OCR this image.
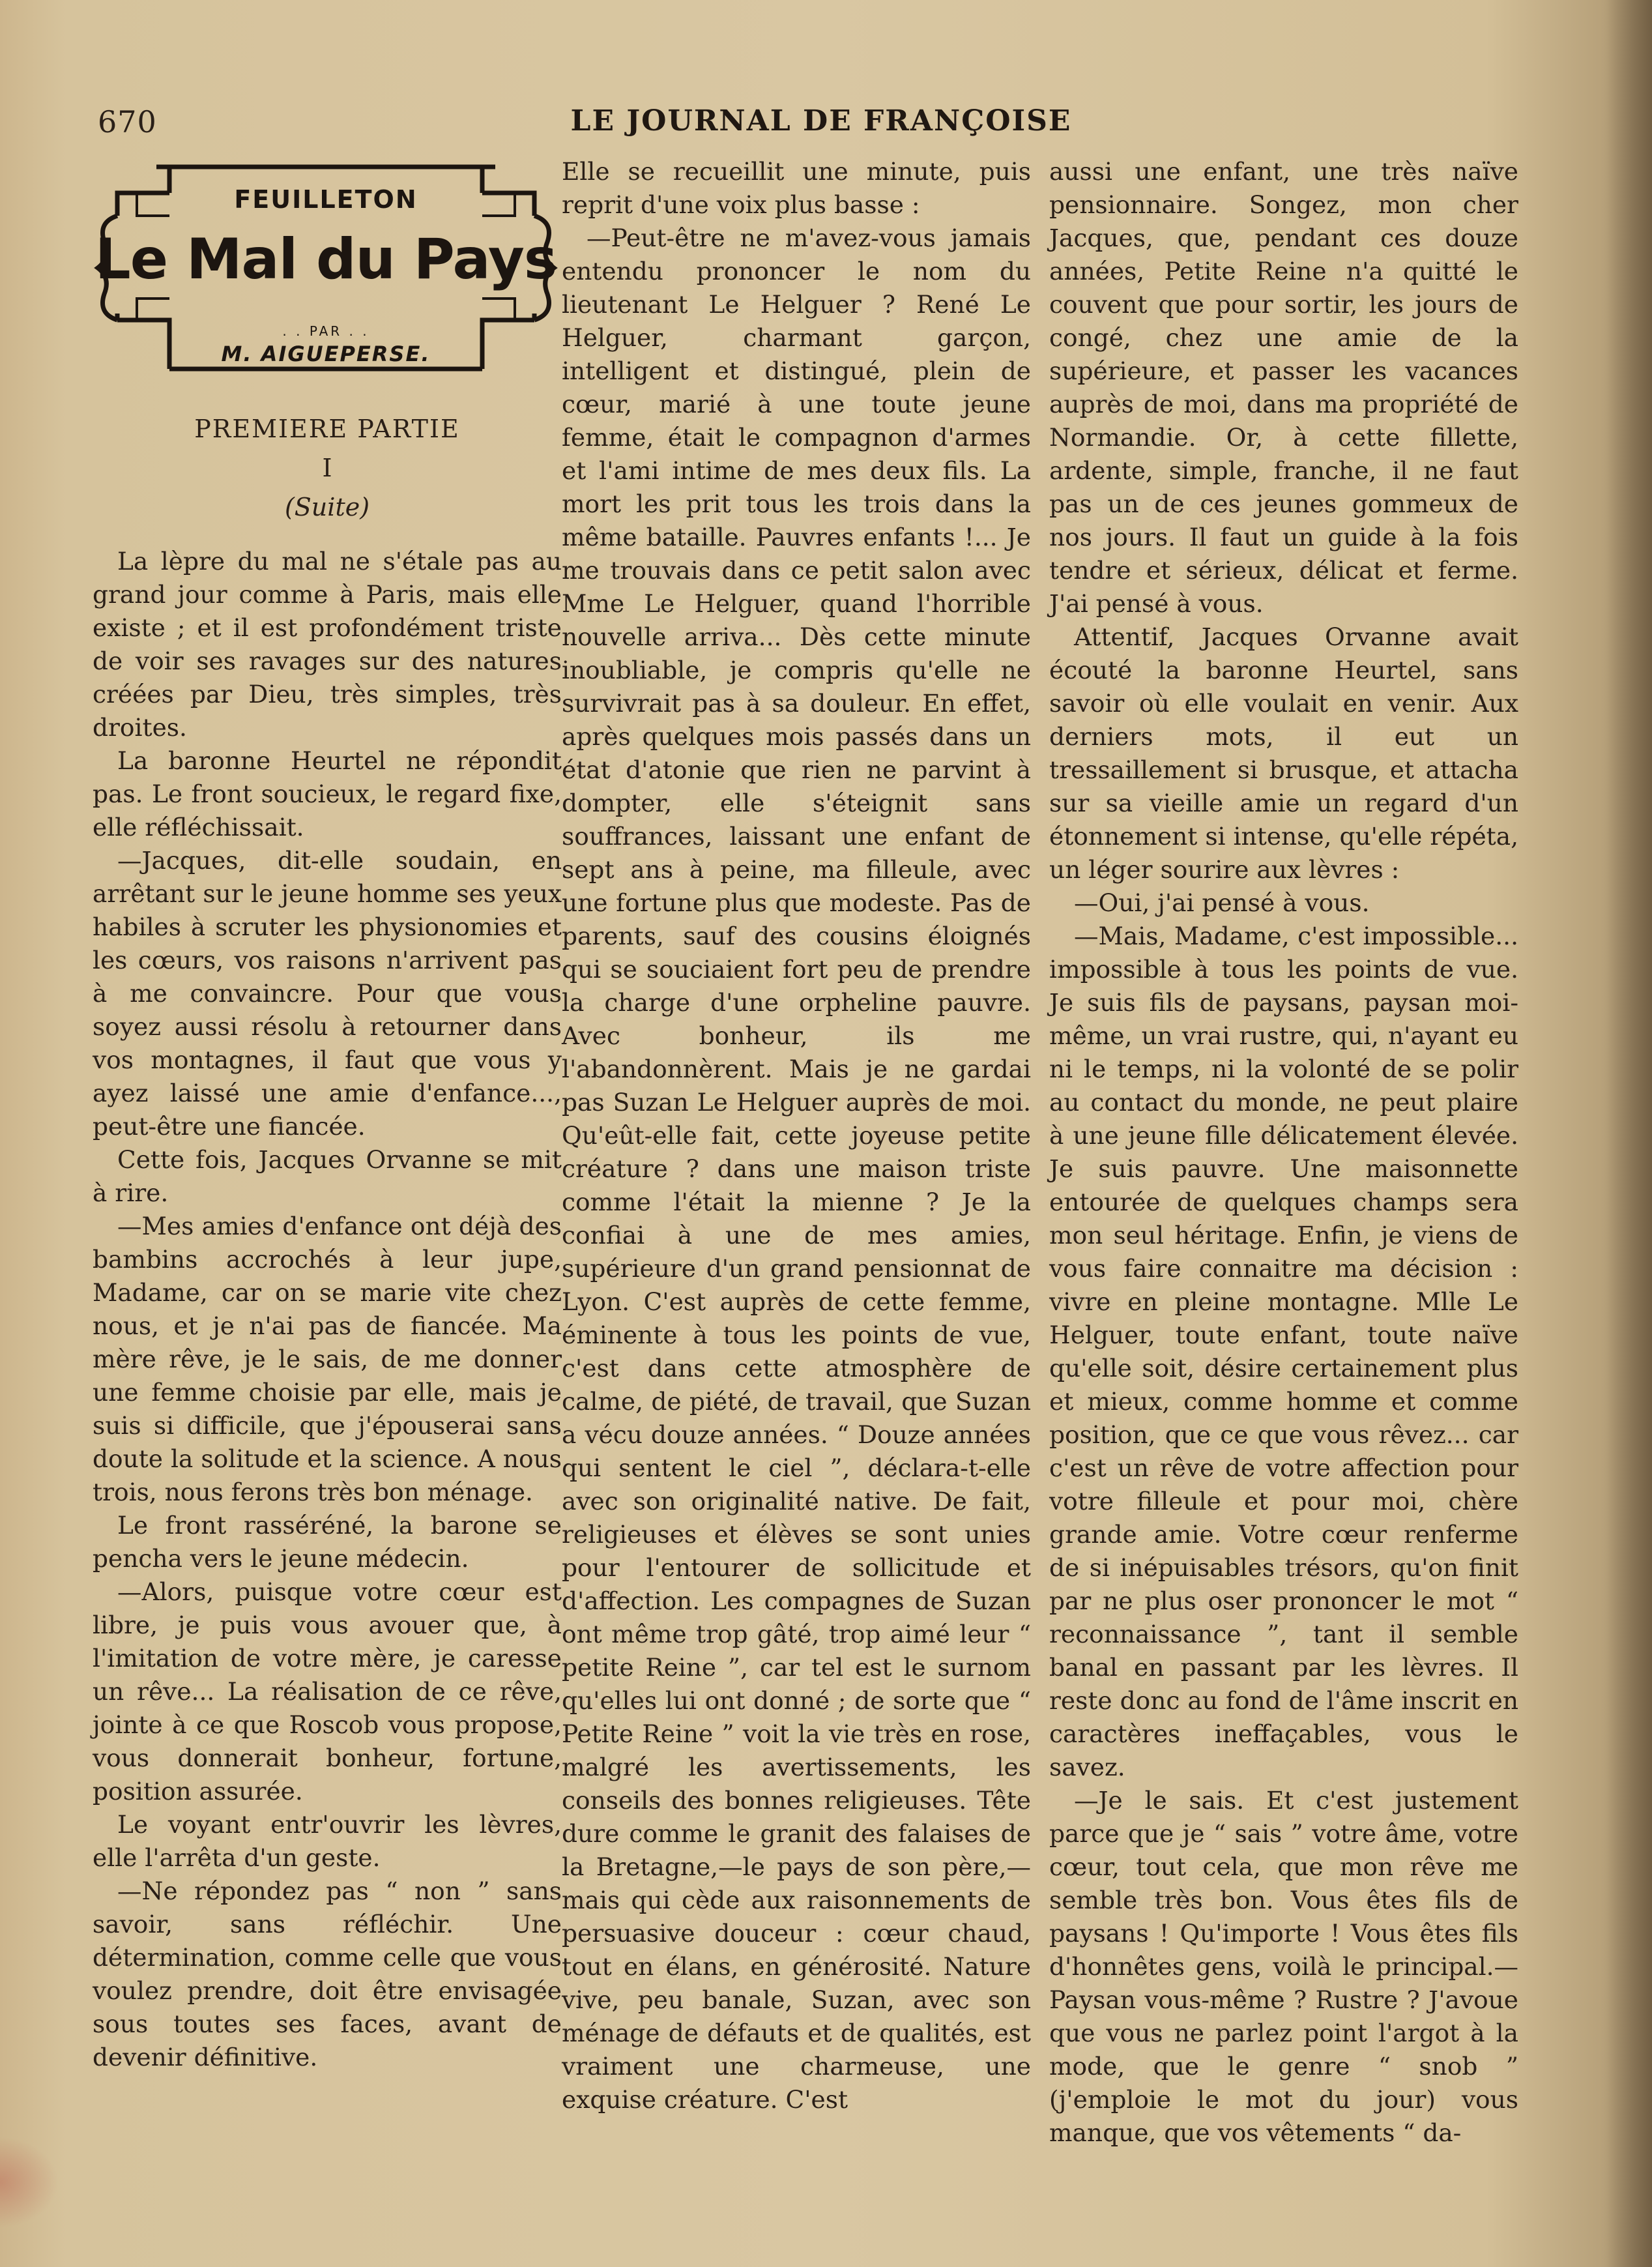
670	LE JOURNAL DE FRANÇOISE
FEUILLETON
Le Mal du Pays
. . PAR . .
M. AIGUEPERSE.
PREMIERE PARTIE
I
(Suite)

La lèpre du mal ne s'étale pas au grand jour comme à Paris, mais elle existe ; et il est profondément triste de voir ses ravages sur des natures créées par Dieu, très simples, très droites.

La baronne Heurtel ne répondit pas. Le front soucieux, le regard fixe, elle réfléchissait.

—Jacques, dit-elle soudain, en arrêtant sur le jeune homme ses yeux habiles à scruter les physionomies et les cœurs, vos raisons n'arrivent pas à me convaincre. Pour que vous soyez aussi résolu à retourner dans vos montagnes, il faut que vous y ayez laissé une amie d'enfance..., peut-être une fiancée.

Cette fois, Jacques Orvanne se mit à rire.

—Mes amies d'enfance ont déjà des bambins accrochés à leur jupe, Madame, car on se marie vite chez nous, et je n'ai pas de fiancée. Ma mère rêve, je le sais, de me donner une femme choisie par elle, mais je suis si difficile, que j'épouserai sans doute la solitude et la science. A nous trois, nous ferons très bon ménage.

Le front rasséréné, la barone se pencha vers le jeune médecin.

—Alors, puisque votre cœur est libre, je puis vous avouer que, à l'imitation de votre mère, je caresse un rêve... La réalisation de ce rêve, jointe à ce que Roscob vous propose, vous donnerait bonheur, fortune, position assurée.

Le voyant entr'ouvrir les lèvres, elle l'arrêta d'un geste.

—Ne répondez pas “ non ” sans savoir, sans réfléchir. Une détermination, comme celle que vous voulez prendre, doit être envisagée sous toutes ses faces, avant de devenir définitive.

Elle se recueillit une minute, puis reprit d'une voix plus basse :

—Peut-être ne m'avez-vous jamais entendu prononcer le nom du lieutenant Le Helguer ? René Le Helguer, charmant garçon, intelligent et distingué, plein de cœur, marié à une toute jeune femme, était le compagnon d'armes et l'ami intime de mes deux fils. La mort les prit tous les trois dans la même bataille. Pauvres enfants !... Je me trouvais dans ce petit salon avec Mme Le Helguer, quand l'horrible nouvelle arriva... Dès cette minute inoubliable, je compris qu'elle ne survivrait pas à sa douleur. En effet, après quelques mois passés dans un état d'atonie que rien ne parvint à dompter, elle s'éteignit sans souffrances, laissant une enfant de sept ans à peine, ma filleule, avec une fortune plus que modeste. Pas de parents, sauf des cousins éloignés qui se souciaient fort peu de prendre la charge d'une orpheline pauvre. Avec bonheur, ils me l'abandonnèrent. Mais je ne gardai pas Suzan Le Helguer auprès de moi. Qu'eût-elle fait, cette joyeuse petite créature ? dans une maison triste comme l'était la mienne ? Je la confiai à une de mes amies, supérieure d'un grand pensionnat de Lyon. C'est auprès de cette femme, éminente à tous les points de vue, c'est dans cette atmosphère de calme, de piété, de travail, que Suzan a vécu douze années. “ Douze années qui sentent le ciel ”, déclara-t-elle avec son originalité native. De fait, religieuses et élèves se sont unies pour l'entourer de sollicitude et d'affection. Les compagnes de Suzan ont même trop gâté, trop aimé leur “ petite Reine ”, car tel est le surnom qu'elles lui ont donné ; de sorte que “ Petite Reine ” voit la vie très en rose, malgré les avertissements, les conseils des bonnes religieuses. Tête dure comme le granit des falaises de la Bretagne,—le pays de son père,—mais qui cède aux raisonnements de persuasive douceur : cœur chaud, tout en élans, en générosité. Nature vive, peu banale, Suzan, avec son ménage de défauts et de qualités, est vraiment une charmeuse, une exquise créature. C'est

aussi une enfant, une très naïve pensionnaire. Songez, mon cher Jacques, que, pendant ces douze années, Petite Reine n'a quitté le couvent que pour sortir, les jours de congé, chez une amie de la supérieure, et passer les vacances auprès de moi, dans ma propriété de Normandie. Or, à cette fillette, ardente, simple, franche, il ne faut pas un de ces jeunes gommeux de nos jours. Il faut un guide à la fois tendre et sérieux, délicat et ferme. J'ai pensé à vous.

Attentif, Jacques Orvanne avait écouté la baronne Heurtel, sans savoir où elle voulait en venir. Aux derniers mots, il eut un tressaillement si brusque, et attacha sur sa vieille amie un regard d'un étonnement si intense, qu'elle répéta, un léger sourire aux lèvres :

—Oui, j'ai pensé à vous.

—Mais, Madame, c'est impossible... impossible à tous les points de vue. Je suis fils de paysans, paysan moi-même, un vrai rustre, qui, n'ayant eu ni le temps, ni la volonté de se polir au contact du monde, ne peut plaire à une jeune fille délicatement élevée. Je suis pauvre. Une maisonnette entourée de quelques champs sera mon seul héritage. Enfin, je viens de vous faire connaitre ma décision : vivre en pleine montagne. Mlle Le Helguer, toute enfant, toute naïve qu'elle soit, désire certainement plus et mieux, comme homme et comme position, que ce que vous rêvez... car c'est un rêve de votre affection pour votre filleule et pour moi, chère grande amie. Votre cœur renferme de si inépuisables trésors, qu'on finit par ne plus oser prononcer le mot “ reconnaissance ”, tant il semble banal en passant par les lèvres. Il reste donc au fond de l'âme inscrit en caractères ineffaçables, vous le savez.

—Je le sais. Et c'est justement parce que je “ sais ” votre âme, votre cœur, tout cela, que mon rêve me semble très bon. Vous êtes fils de paysans ! Qu'importe ! Vous êtes fils d'honnêtes gens, voilà le principal.— Paysan vous-même ? Rustre ? J'avoue que vous ne parlez point l'argot à la mode, que le genre “ snob ” (j'emploie le mot du jour) vous manque, que vos vêtements “ da-
